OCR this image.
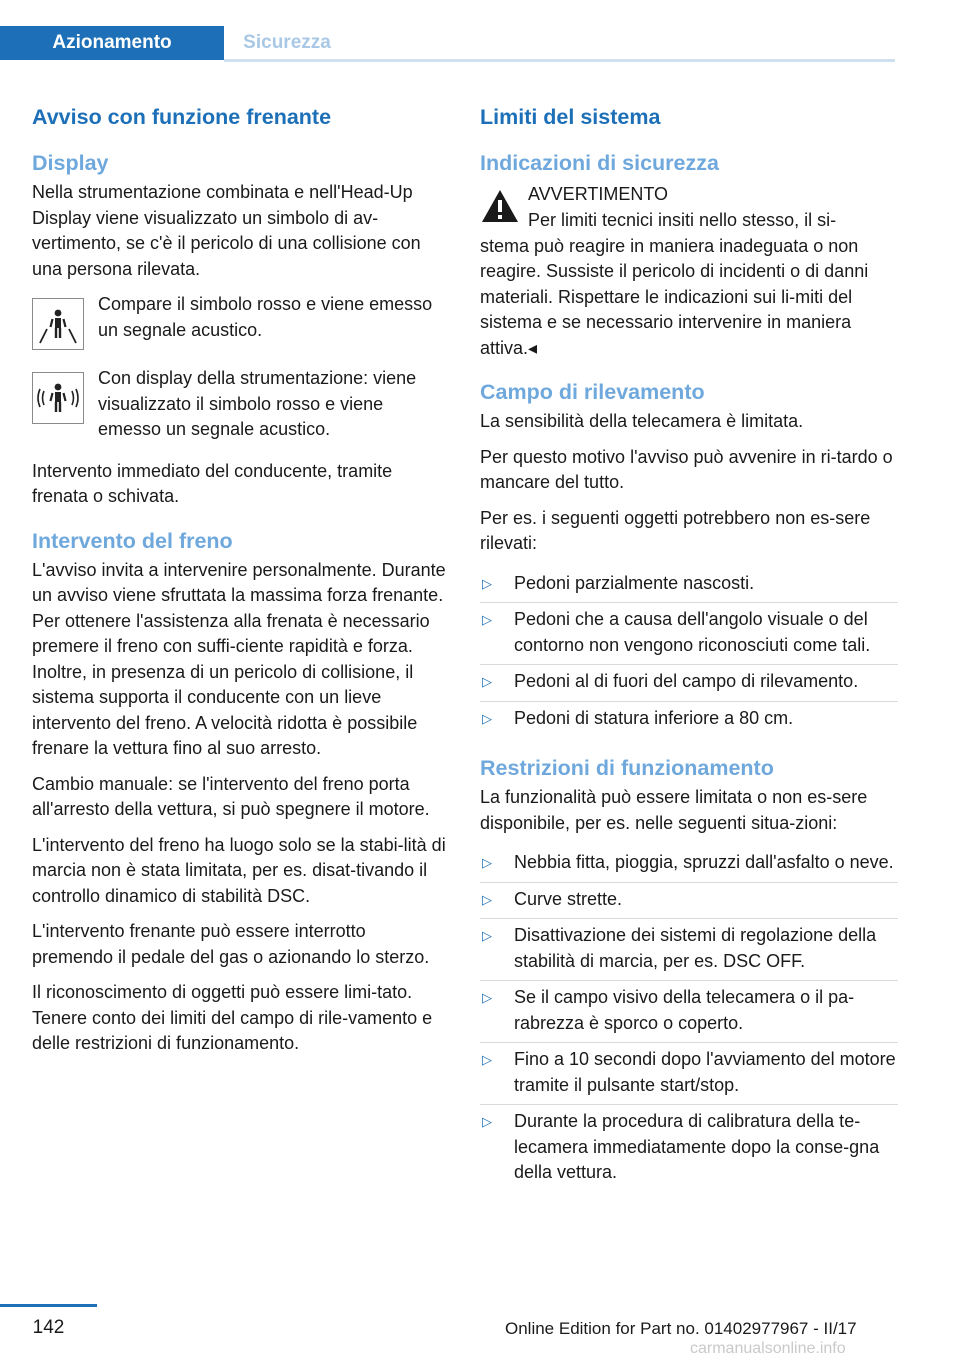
Azionamento	Sicurezza
Avviso con funzione frenante
Display
Nella strumentazione combinata e nell'Head-Up Display viene visualizzato un simbolo di av-vertimento, se c'è il pericolo di una collisione con una persona rilevata.
Compare il simbolo rosso e viene emesso un segnale acustico.
Con display della strumentazione: viene visualizzato il simbolo rosso e viene emesso un segnale acustico.
Intervento immediato del conducente, tramite frenata o schivata.
Intervento del freno
L'avviso invita a intervenire personalmente. Durante un avviso viene sfruttata la massima forza frenante. Per ottenere l'assistenza alla frenata è necessario premere il freno con suffi-ciente rapidità e forza. Inoltre, in presenza di un pericolo di collisione, il sistema supporta il conducente con un lieve intervento del freno. A velocità ridotta è possibile frenare la vettura fino al suo arresto.
Cambio manuale: se l'intervento del freno porta all'arresto della vettura, si può spegnere il motore.
L'intervento del freno ha luogo solo se la stabi-lità di marcia non è stata limitata, per es. disat-tivando il controllo dinamico di stabilità DSC.
L'intervento frenante può essere interrotto premendo il pedale del gas o azionando lo sterzo.
Il riconoscimento di oggetti può essere limi-tato. Tenere conto dei limiti del campo di rile-vamento e delle restrizioni di funzionamento.
Limiti del sistema
Indicazioni di sicurezza
AVVERTIMENTO
Per limiti tecnici insiti nello stesso, il si-
stema può reagire in maniera inadeguata o non reagire. Sussiste il pericolo di incidenti o di danni materiali. Rispettare le indicazioni sui li-miti del sistema e se necessario intervenire in maniera attiva.◂
Campo di rilevamento
La sensibilità della telecamera è limitata.
Per questo motivo l'avviso può avvenire in ri-tardo o mancare del tutto.
Per es. i seguenti oggetti potrebbero non es-sere rilevati:
▷	Pedoni parzialmente nascosti.
▷	Pedoni che a causa dell'angolo visuale o del contorno non vengono riconosciuti come tali.
▷	Pedoni al di fuori del campo di rilevamento.
▷	Pedoni di statura inferiore a 80 cm.
Restrizioni di funzionamento
La funzionalità può essere limitata o non es-sere disponibile, per es. nelle seguenti situa-zioni:
▷	Nebbia fitta, pioggia, spruzzi dall'asfalto o neve.
▷	Curve strette.
▷	Disattivazione dei sistemi di regolazione della stabilità di marcia, per es. DSC OFF.
▷	Se il campo visivo della telecamera o il pa-rabrezza è sporco o coperto.
▷	Fino a 10 secondi dopo l'avviamento del motore tramite il pulsante start/stop.
▷	Durante la procedura di calibratura della te-lecamera immediatamente dopo la conse-gna della vettura.
142	Online Edition for Part no. 01402977967 - II/17
carmanualsonline.info
